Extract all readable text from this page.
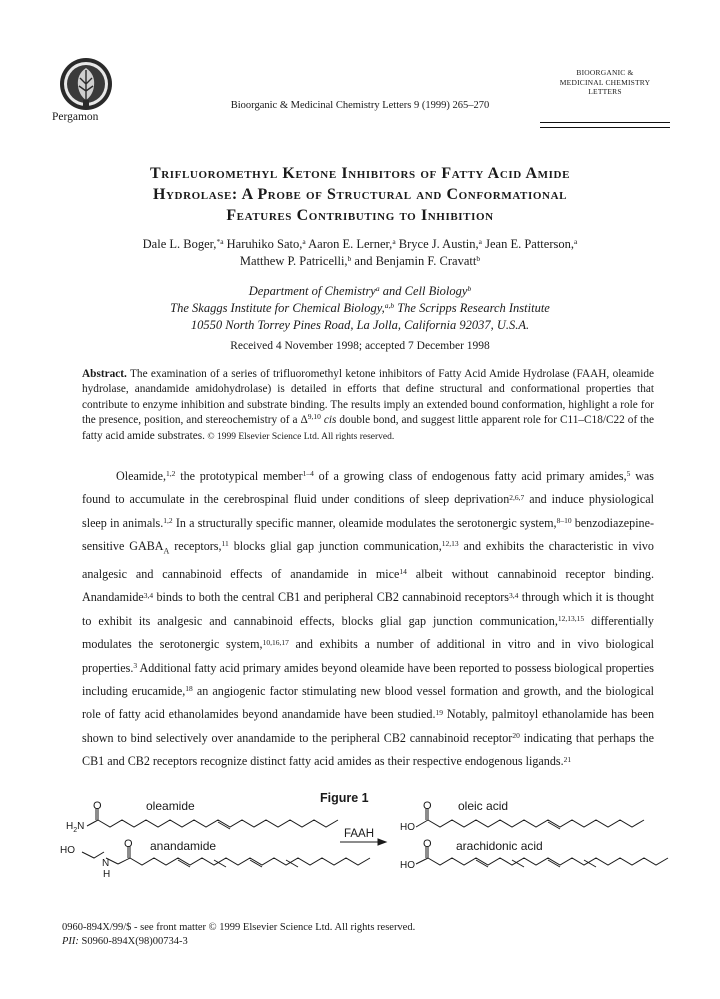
Pergamon
Bioorganic & Medicinal Chemistry Letters 9 (1999) 265–270
BIOORGANIC &
MEDICINAL CHEMISTRY
LETTERS
Trifluoromethyl Ketone Inhibitors of Fatty Acid Amide
Hydrolase: A Probe of Structural and Conformational
Features Contributing to Inhibition
Dale L. Boger,$^{*a}$ Haruhiko Sato,$^a$ Aaron E. Lerner,$^a$ Bryce J. Austin,$^a$ Jean E. Patterson,$^a$
Matthew P. Patricelli,$^b$ and Benjamin F. Cravatt$^b$
Department of Chemistry$^a$ and Cell Biology$^b$
The Skaggs Institute for Chemical Biology,$^{a,b}$ The Scripps Research Institute
10550 North Torrey Pines Road, La Jolla, California 92037, U.S.A.
Received 4 November 1998; accepted 7 December 1998
Abstract. The examination of a series of trifluoromethyl ketone inhibitors of Fatty Acid Amide Hydrolase (FAAH, oleamide hydrolase, anandamide amidohydrolase) is detailed in efforts that define structural and conformational properties that contribute to enzyme inhibition and substrate binding. The results imply an extended bound conformation, highlight a role for the presence, position, and stereochemistry of a Δ$^{9,10}$ cis double bond, and suggest little apparent role for C11–C18/C22 of the fatty acid amide substrates. © 1999 Elsevier Science Ltd. All rights reserved.
Oleamide,$^{1,2}$ the prototypical member$^{1-4}$ of a growing class of endogenous fatty acid primary amides,$^5$ was found to accumulate in the cerebrospinal fluid under conditions of sleep deprivation$^{2,6,7}$ and induce physiological sleep in animals.$^{1,2}$ In a structurally specific manner, oleamide modulates the serotonergic system,$^{8-10}$ benzodiazepine-sensitive $GABA_A$ receptors,$^{11}$ blocks glial gap junction communication,$^{12,13}$ and exhibits the characteristic in vivo analgesic and cannabinoid effects of anandamide in mice$^{14}$ albeit without cannabinoid receptor binding. Anandamide$^{3,4}$ binds to both the central CB1 and peripheral CB2 cannabinoid receptors$^{3,4}$ through which it is thought to exhibit its analgesic and cannabinoid effects, blocks glial gap junction communication,$^{12,13,15}$ differentially modulates the serotonergic system,$^{10,16,17}$ and exhibits a number of additional in vitro and in vivo biological properties.$^3$ Additional fatty acid primary amides beyond oleamide have been reported to possess biological properties including erucamide,$^{18}$ an angiogenic factor stimulating new blood vessel formation and growth, and the biological role of fatty acid ethanolamides beyond anandamide have been studied.$^{19}$ Notably, palmitoyl ethanolamide has been shown to bind selectively over anandamide to the peripheral CB2 cannabinoid receptor$^{20}$ indicating that perhaps the CB1 and CB2 receptors recognize distinct fatty acid amides as their respective endogenous ligands.$^{21}$
Figure 1
O	oleamide
$H_2N$
FAAH
HO
O oleic acid
O anandamide
HO
N
H
O arachidonic acid
HO
0960-894X/99/$ - see front matter © 1999 Elsevier Science Ltd. All rights reserved.
PII: S0960-894X(98)00734-3
